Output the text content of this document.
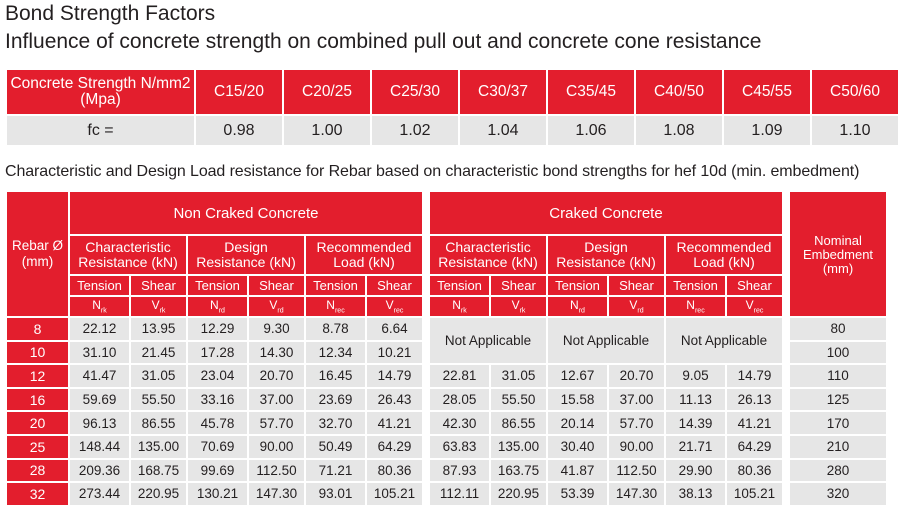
Bond Strength Factors
Influence of concrete strength on combined pull out and concrete cone resistance
Concrete Strength N/mm2 (Mpa)	C15/20	C20/25	C25/30	C30/37	C35/45	C40/50	C45/55	C50/60
fc =	0.98	1.00	1.02	1.04	1.06	1.08	1.09	1.10
Characteristic and Design Load resistance for Rebar based on characteristic bond strengths for hef 10d (min. embedment)
Rebar Ø (mm)	Non Craked Concrete							Craked Concrete							Nominal Embedment (mm)
	Characteristic Resistance (kN)		Design Resistance (kN)		Recommended Load (kN)			Characteristic Resistance (kN)		Design Resistance (kN)		Recommended Load (kN)			
	Tension	Shear	Tension	Shear	Tension	Shear		Tension	Shear	Tension	Shear	Tension	Shear		
	$N_{rk}$	$V_{rk}$	$N_{rd}$	$V_{rd}$	$N_{rec}$	$V_{rec}$		$N_{rk}$	$V_{rk}$	$N_{rd}$	$V_{rd}$	$N_{rec}$	$V_{rec}$
8	22.12	13.95	12.29	9.30	8.78	6.64		Not Applicable		Not Applicable		Not Applicable			80
10	31.10	21.45	17.28	14.30	12.34	10.21									100
12	41.47	31.05	23.04	20.70	16.45	14.79		22.81	31.05	12.67	20.70	9.05	14.79		110
16	59.69	55.50	33.16	37.00	23.69	26.43		28.05	55.50	15.58	37.00	11.13	26.13		125
20	96.13	86.55	45.78	57.70	32.70	41.21		42.30	86.55	20.14	57.70	14.39	41.21		170
25	148.44	135.00	70.69	90.00	50.49	64.29		63.83	135.00	30.40	90.00	21.71	64.29		210
28	209.36	168.75	99.69	112.50	71.21	80.36		87.93	163.75	41.87	112.50	29.90	80.36		280
32	273.44	220.95	130.21	147.30	93.01	105.21		112.11	220.95	53.39	147.30	38.13	105.21		320
